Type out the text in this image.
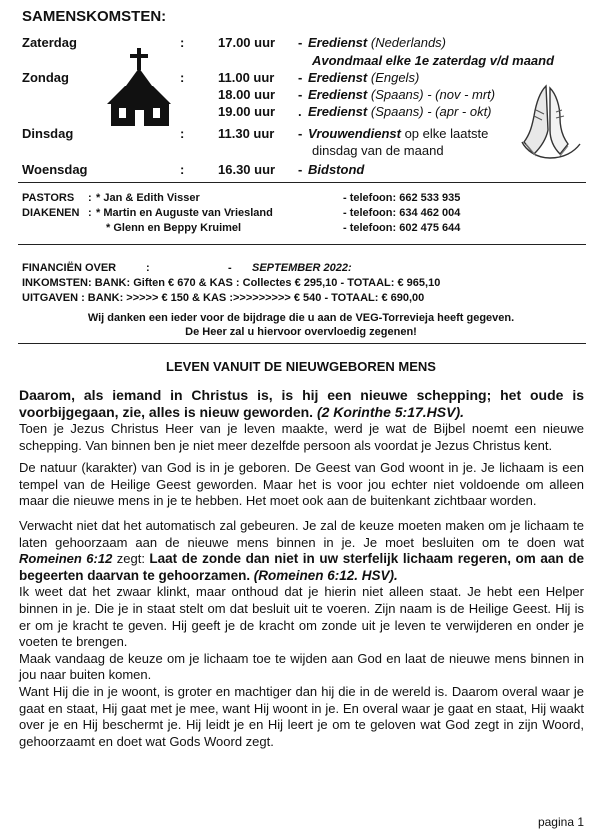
SAMENSKOMSTEN:
Zaterdag	:	17.00 uur - Eredienst (Nederlands)
Avondmaal elke 1e zaterdag v/d maand
Zondag	:	11.00 uur - Eredienst (Engels)
18.00 uur - Eredienst (Spaans) - (nov - mrt)
19.00 uur . Eredienst (Spaans) - (apr - okt)
Dinsdag	:	11.30 uur - Vrouwendienst op elke laatste
dinsdag van de maand
Woensdag	:	16.30 uur - Bidstond
PASTORS : * Jan & Edith Visser	- telefoon: 662 533 935
DIAKENEN : * Martin en Auguste van Vriesland	- telefoon: 634 462 004
* Glenn en Beppy Kruimel	- telefoon: 602 475 644
FINANCIËN OVER	:	- SEPTEMBER 2022:
INKOMSTEN: BANK: Giften € 670 & KAS : Collectes € 295,10 - TOTAAL: € 965,10
UITGAVEN : BANK: >>>>> € 150 & KAS :>>>>>>>>> € 540 - TOTAAL: € 690,00
Wij danken een ieder voor de bijdrage die u aan de VEG-Torrevieja heeft gegeven.
De Heer zal u hiervoor overvloedig zegenen!
LEVEN VANUIT DE NIEUWGEBOREN MENS

Daarom, als iemand in Christus is, is hij een nieuwe schepping; het oude is voorbijgegaan, zie, alles is nieuw geworden. (2 Korinthe 5:17.HSV).

Toen je Jezus Christus Heer van je leven maakte, werd je wat de Bijbel noemt een nieuwe schepping. Van binnen ben je niet meer dezelfde persoon als voordat je Jezus Christus kent.

De natuur (karakter) van God is in je geboren. De Geest van God woont in je. Je lichaam is een tempel van de Heilige Geest geworden. Maar het is voor jou echter niet voldoende om alleen maar die nieuwe mens in je te hebben. Het moet ook aan de buitenkant zichtbaar worden.

Verwacht niet dat het automatisch zal gebeuren. Je zal de keuze moeten maken om je lichaam te laten gehoorzaam aan de nieuwe mens binnen in je. Je moet besluiten om te doen wat Romeinen 6:12 zegt: Laat de zonde dan niet in uw sterfelijk lichaam regeren, om aan de begeerten daarvan te gehoorzamen. (Romeinen 6:12. HSV).

Ik weet dat het zwaar klinkt, maar onthoud dat je hierin niet alleen staat. Je hebt een Helper binnen in je. Die je in staat stelt om dat besluit uit te voeren. Zijn naam is de Heilige Geest. Hij is er om je kracht te geven. Hij geeft je de kracht om zonde uit je leven te verwijderen en onder je voeten te brengen.

Maak vandaag de keuze om je lichaam toe te wijden aan God en laat de nieuwe mens binnen in jou naar buiten komen.

Want Hij die in je woont, is groter en machtiger dan hij die in de wereld is. Daarom overal waar je gaat en staat, Hij gaat met je mee, want Hij woont in je. En overal waar je gaat en staat, Hij waakt over je en Hij beschermt je. Hij leidt je en Hij leert je om te geloven wat God zegt in zijn Woord, gehoorzaamt en doet wat Gods Woord zegt.

pagina 1
